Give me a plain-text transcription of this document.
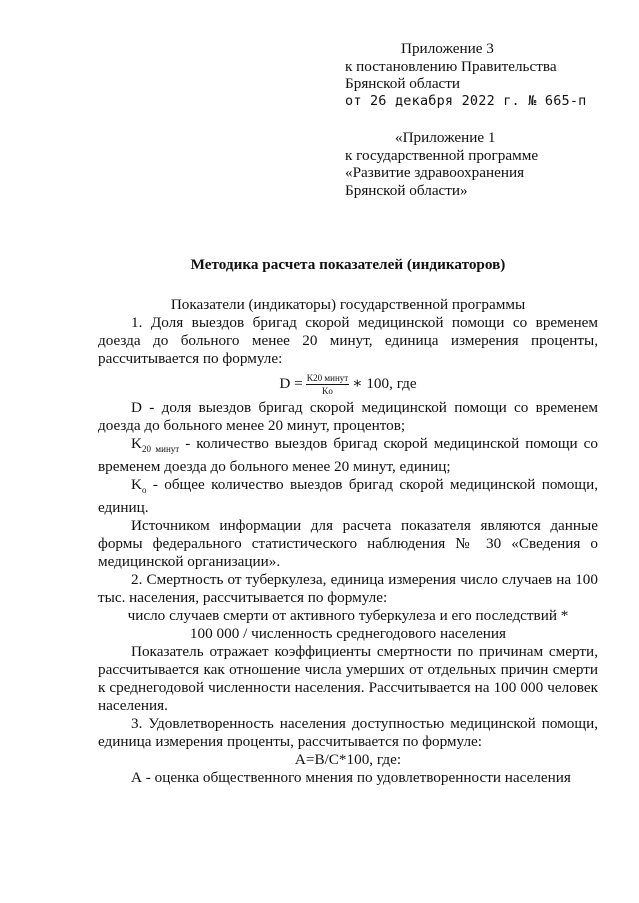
Приложение 3
к постановлению Правительства
Брянской области
от 26 декабря 2022 г. № 665-п
«Приложение 1
к государственной программе
«Развитие здравоохранения
Брянской области»

Методика расчета показателей (индикаторов)

Показатели (индикаторы) государственной программы

1. Доля выездов бригад скорой медицинской помощи со временем доезда до больного менее 20 минут, единица измерения проценты, рассчитывается по формуле:

$D = \frac{\text{K20 минут}}{Ko}$ ∗ 100, где

D - доля выездов бригад скорой медицинской помощи со временем доезда до больного менее 20 минут, процентов;

$K_{20 минут}$ - количество выездов бригад скорой медицинской помощи со временем доезда до больного менее 20 минут, единиц;

$K_o$ - общее количество выездов бригад скорой медицинской помощи, единиц.

Источником информации для расчета показателя являются данные формы федерального статистического наблюдения № 30 «Сведения о медицинской организации».

2. Смертность от туберкулеза, единица измерения число случаев на 100 тыс. населения, рассчитывается по формуле:

число случаев смерти от активного туберкулеза и его последствий *

100 000 / численность среднегодового населения

Показатель отражает коэффициенты смертности по причинам смерти, рассчитывается как отношение числа умерших от отдельных причин смерти к среднегодовой численности населения. Рассчитывается на 100 000 человек населения.

3. Удовлетворенность населения доступностью медицинской помощи, единица измерения проценты, рассчитывается по формуле:

A=B/C*100, где:

А - оценка общественного мнения по удовлетворенности населения
